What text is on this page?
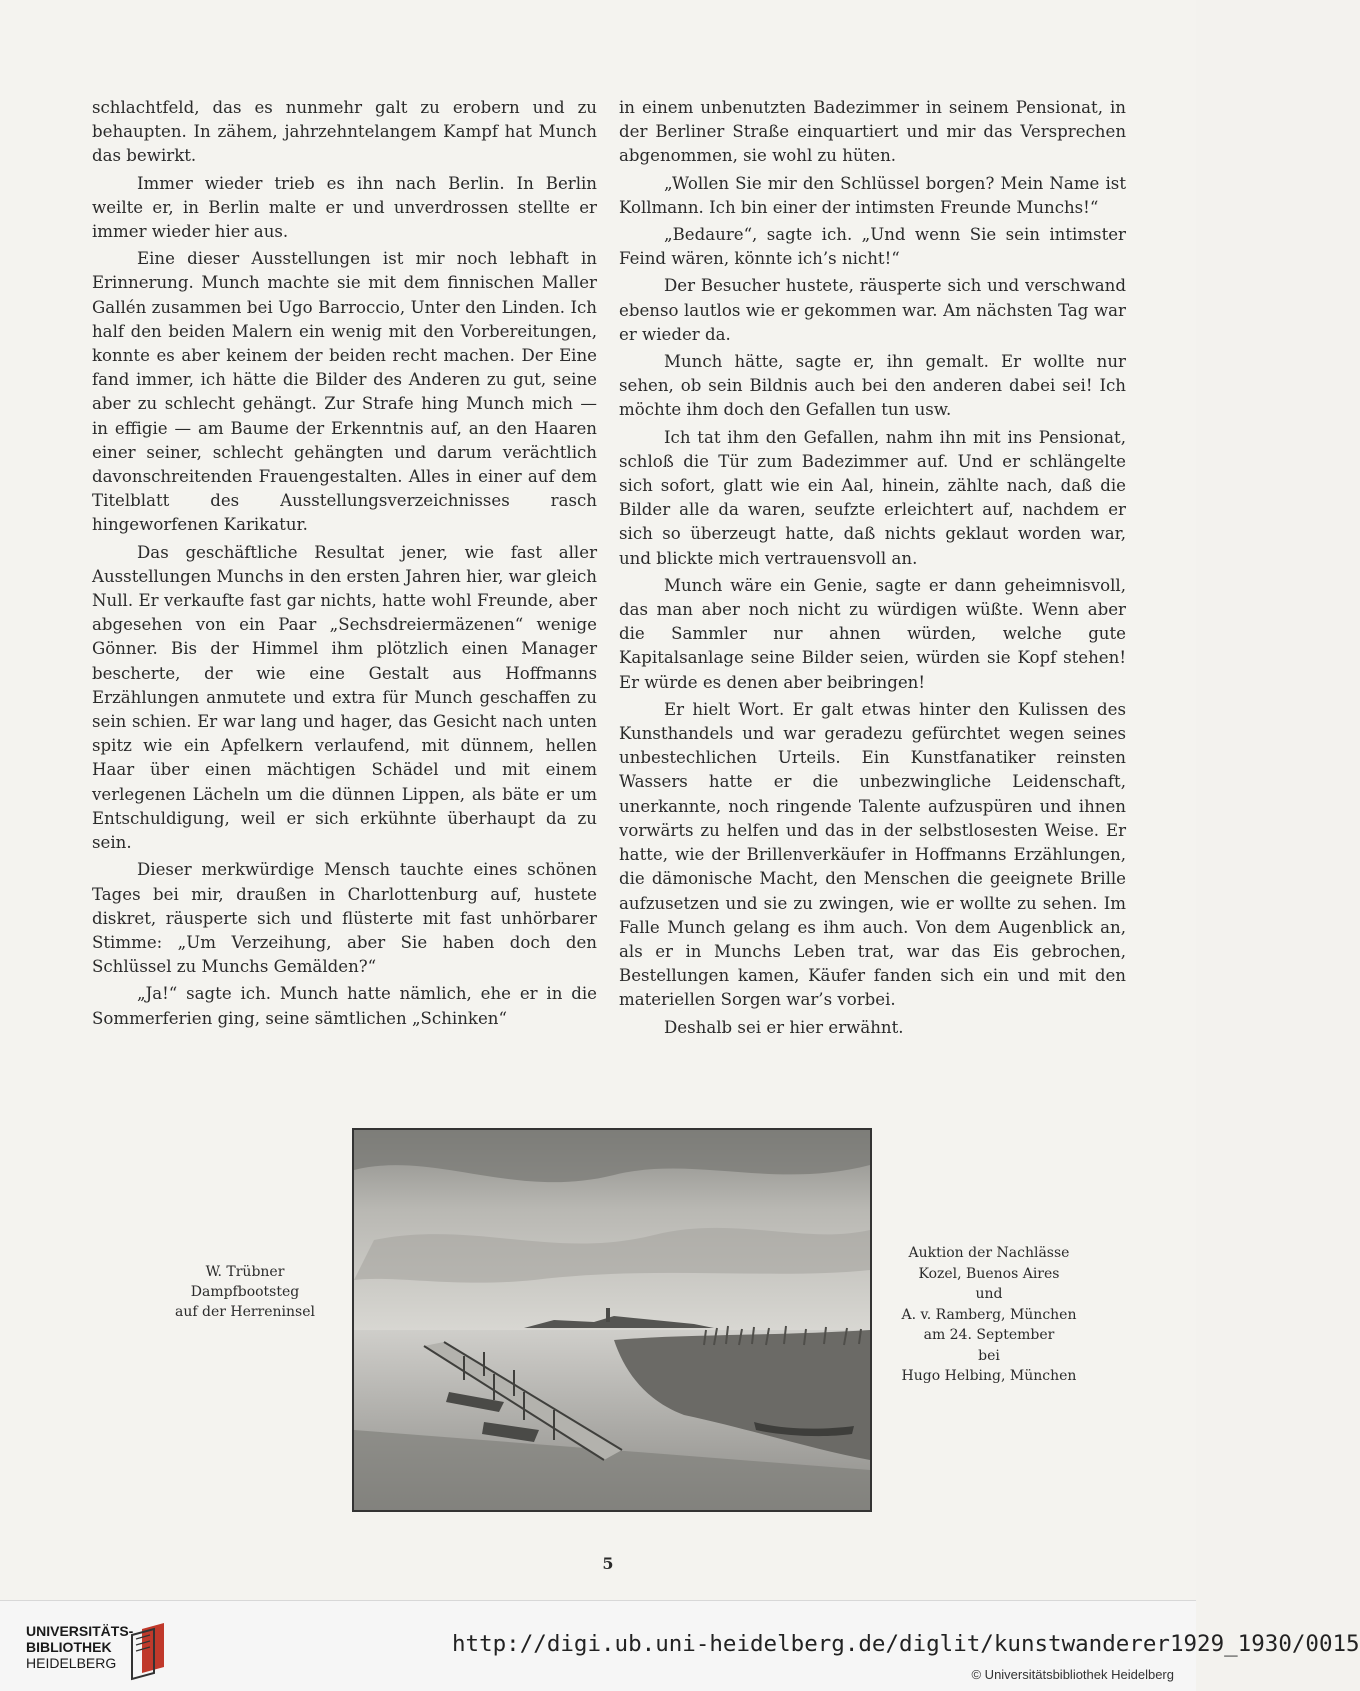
schlachtfeld, das es nunmehr galt zu erobern und zu behaupten. In zähem, jahrzehntelangem Kampf hat Munch das bewirkt.

Immer wieder trieb es ihn nach Berlin. In Berlin weilte er, in Berlin malte er und unverdrossen stellte er immer wieder hier aus.

Eine dieser Ausstellungen ist mir noch lebhaft in Erinnerung. Munch machte sie mit dem finnischen Maller Gallén zusammen bei Ugo Barroccio, Unter den Linden. Ich half den beiden Malern ein wenig mit den Vorbereitungen, konnte es aber keinem der beiden recht machen. Der Eine fand immer, ich hätte die Bilder des Anderen zu gut, seine aber zu schlecht gehängt. Zur Strafe hing Munch mich — in effigie — am Baume der Erkenntnis auf, an den Haaren einer seiner, schlecht gehängten und darum verächtlich davonschreitenden Frauengestalten. Alles in einer auf dem Titelblatt des Ausstellungsverzeichnisses rasch hingeworfenen Karikatur.

Das geschäftliche Resultat jener, wie fast aller Ausstellungen Munchs in den ersten Jahren hier, war gleich Null. Er verkaufte fast gar nichts, hatte wohl Freunde, aber abgesehen von ein Paar „Sechsdreiermäzenen“ wenige Gönner. Bis der Himmel ihm plötzlich einen Manager bescherte, der wie eine Gestalt aus Hoffmanns Erzählungen anmutete und extra für Munch geschaffen zu sein schien. Er war lang und hager, das Gesicht nach unten spitz wie ein Apfelkern verlaufend, mit dünnem, hellen Haar über einen mächtigen Schädel und mit einem verlegenen Lächeln um die dünnen Lippen, als bäte er um Entschuldigung, weil er sich erkühnte überhaupt da zu sein.

Dieser merkwürdige Mensch tauchte eines schönen Tages bei mir, draußen in Charlottenburg auf, hustete diskret, räusperte sich und flüsterte mit fast unhörbarer Stimme: „Um Verzeihung, aber Sie haben doch den Schlüssel zu Munchs Gemälden?“

„Ja!“ sagte ich. Munch hatte nämlich, ehe er in die Sommerferien ging, seine sämtlichen „Schinken“

in einem unbenutzten Badezimmer in seinem Pensionat, in der Berliner Straße einquartiert und mir das Versprechen abgenommen, sie wohl zu hüten.

„Wollen Sie mir den Schlüssel borgen? Mein Name ist Kollmann. Ich bin einer der intimsten Freunde Munchs!“

„Bedaure“, sagte ich. „Und wenn Sie sein intimster Feind wären, könnte ich’s nicht!“

Der Besucher hustete, räusperte sich und verschwand ebenso lautlos wie er gekommen war. Am nächsten Tag war er wieder da.

Munch hätte, sagte er, ihn gemalt. Er wollte nur sehen, ob sein Bildnis auch bei den anderen dabei sei! Ich möchte ihm doch den Gefallen tun usw.

Ich tat ihm den Gefallen, nahm ihn mit ins Pensionat, schloß die Tür zum Badezimmer auf. Und er schlängelte sich sofort, glatt wie ein Aal, hinein, zählte nach, daß die Bilder alle da waren, seufzte erleichtert auf, nachdem er sich so überzeugt hatte, daß nichts geklaut worden war, und blickte mich vertrauensvoll an.

Munch wäre ein Genie, sagte er dann geheimnisvoll, das man aber noch nicht zu würdigen wüßte. Wenn aber die Sammler nur ahnen würden, welche gute Kapitalsanlage seine Bilder seien, würden sie Kopf stehen! Er würde es denen aber beibringen!

Er hielt Wort. Er galt etwas hinter den Kulissen des Kunsthandels und war geradezu gefürchtet wegen seines unbestechlichen Urteils. Ein Kunstfanatiker reinsten Wassers hatte er die unbezwingliche Leidenschaft, unerkannte, noch ringende Talente aufzuspüren und ihnen vorwärts zu helfen und das in der selbstlosesten Weise. Er hatte, wie der Brillenverkäufer in Hoffmanns Erzählungen, die dämonische Macht, den Menschen die geeignete Brille aufzusetzen und sie zu zwingen, wie er wollte zu sehen. Im Falle Munch gelang es ihm auch. Von dem Augenblick an, als er in Munchs Leben trat, war das Eis gebrochen, Bestellungen kamen, Käufer fanden sich ein und mit den materiellen Sorgen war’s vorbei.

Deshalb sei er hier erwähnt.

W. Trübner
Dampfbootsteg
auf der Herreninsel
Auktion der Nachlässe
Kozel, Buenos Aires
und
A. v. Ramberg, München
am 24. September
bei
Hugo Helbing, München
5
UNIVERSITÄTS-
BIBLIOTHEK
HEIDELBERG
http://digi.ub.uni-heidelberg.de/diglit/kunstwanderer1929_1930/0015
© Universitätsbibliothek Heidelberg
